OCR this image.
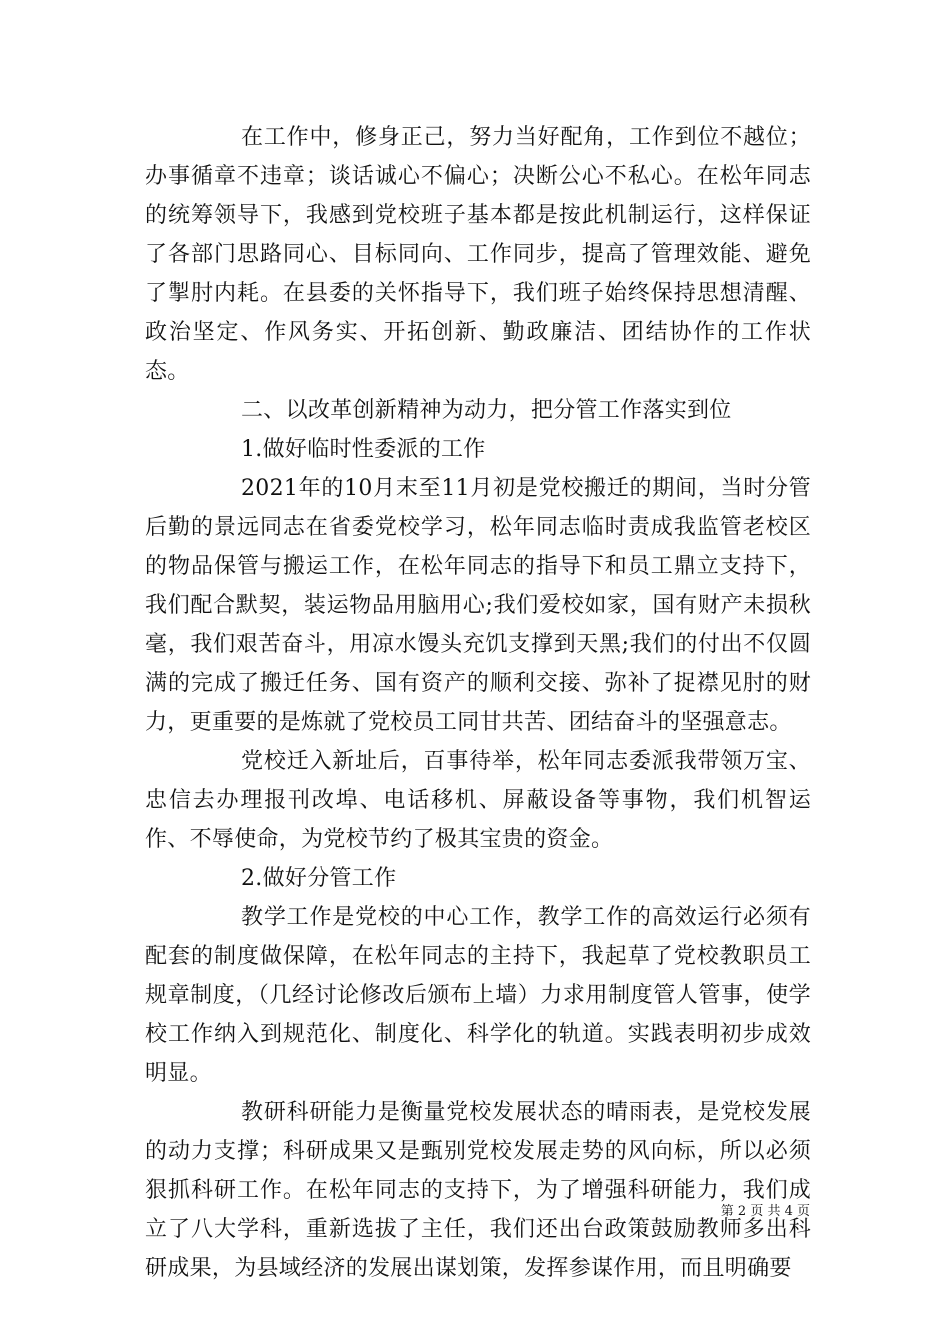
在工作中，修身正己，努力当好配角，工作到位不越位；办事循章不违章；谈话诚心不偏心；决断公心不私心。在松年同志的统筹领导下，我感到党校班子基本都是按此机制运行，这样保证了各部门思路同心、目标同向、工作同步，提高了管理效能、避免了掣肘内耗。在县委的关怀指导下，我们班子始终保持思想清醒、政治坚定、作风务实、开拓创新、勤政廉洁、团结协作的工作状态。

二、以改革创新精神为动力，把分管工作落实到位

1.做好临时性委派的工作

2021年的10月末至11月初是党校搬迁的期间，当时分管后勤的景远同志在省委党校学习，松年同志临时责成我监管老校区的物品保管与搬运工作，在松年同志的指导下和员工鼎立支持下，我们配合默契，装运物品用脑用心;我们爱校如家，国有财产未损秋毫，我们艰苦奋斗，用凉水馒头充饥支撑到天黑;我们的付出不仅圆满的完成了搬迁任务、国有资产的顺利交接、弥补了捉襟见肘的财力，更重要的是炼就了党校员工同甘共苦、团结奋斗的坚强意志。

党校迁入新址后，百事待举，松年同志委派我带领万宝、忠信去办理报刊改埠、电话移机、屏蔽设备等事物，我们机智运作、不辱使命，为党校节约了极其宝贵的资金。

2.做好分管工作

教学工作是党校的中心工作，教学工作的高效运行必须有配套的制度做保障，在松年同志的主持下，我起草了党校教职员工规章制度，（几经讨论修改后颁布上墙）力求用制度管人管事，使学校工作纳入到规范化、制度化、科学化的轨道。实践表明初步成效明显。

教研科研能力是衡量党校发展状态的晴雨表，是党校发展的动力支撑；科研成果又是甄别党校发展走势的风向标，所以必须狠抓科研工作。在松年同志的支持下，为了增强科研能力，我们成立了八大学科，重新选拔了主任，我们还出台政策鼓励教师多出科研成果，为县域经济的发展出谋划策，发挥参谋作用，而且明确要

第 2 页 共 4 页
